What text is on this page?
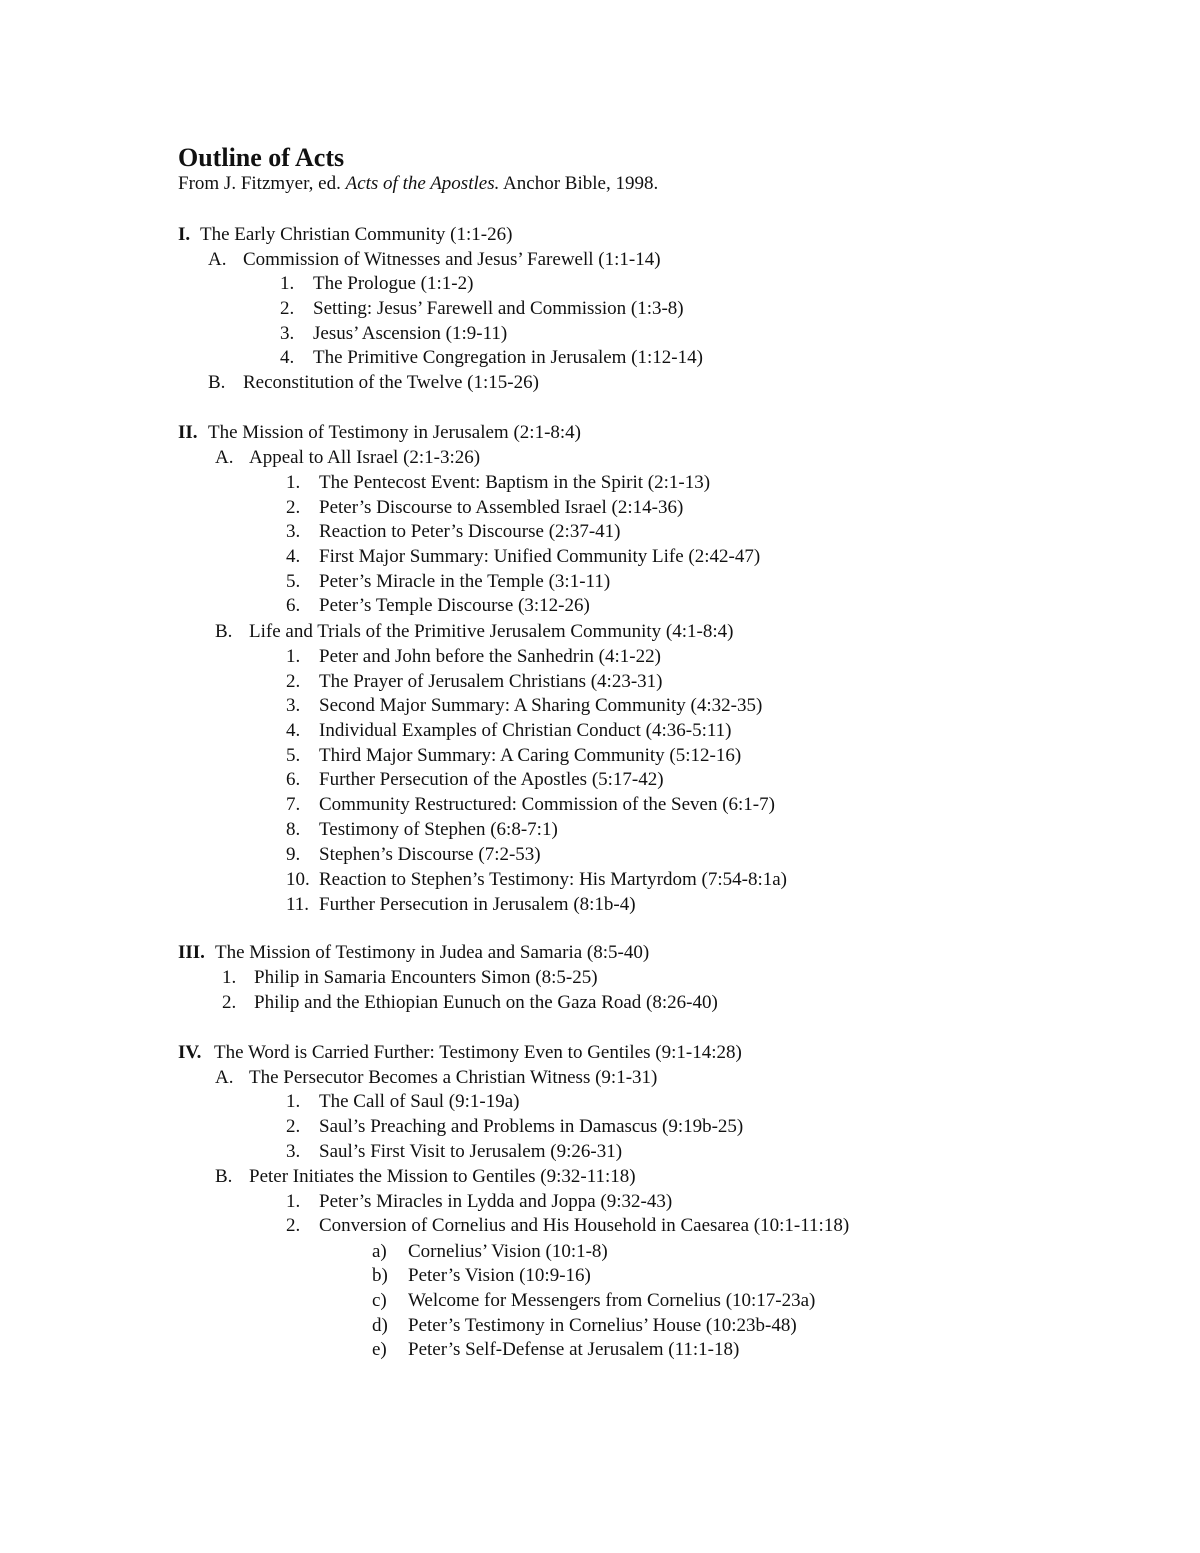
Outline of Acts
From J. Fitzmyer, ed. Acts of the Apostles. Anchor Bible, 1998.
I. The Early Christian Community (1:1-26)
A. Commission of Witnesses and Jesus’ Farewell (1:1-14)
1. The Prologue (1:1-2)
2. Setting: Jesus’ Farewell and Commission (1:3-8)
3. Jesus’ Ascension (1:9-11)
4. The Primitive Congregation in Jerusalem (1:12-14)
B. Reconstitution of the Twelve (1:15-26)
II. The Mission of Testimony in Jerusalem (2:1-8:4)
A. Appeal to All Israel (2:1-3:26)
1. The Pentecost Event: Baptism in the Spirit (2:1-13)
2. Peter’s Discourse to Assembled Israel (2:14-36)
3. Reaction to Peter’s Discourse (2:37-41)
4. First Major Summary: Unified Community Life (2:42-47)
5. Peter’s Miracle in the Temple (3:1-11)
6. Peter’s Temple Discourse (3:12-26)
B. Life and Trials of the Primitive Jerusalem Community (4:1-8:4)
1. Peter and John before the Sanhedrin (4:1-22)
2. The Prayer of Jerusalem Christians (4:23-31)
3. Second Major Summary: A Sharing Community (4:32-35)
4. Individual Examples of Christian Conduct (4:36-5:11)
5. Third Major Summary: A Caring Community (5:12-16)
6. Further Persecution of the Apostles (5:17-42)
7. Community Restructured: Commission of the Seven (6:1-7)
8. Testimony of Stephen (6:8-7:1)
9. Stephen’s Discourse (7:2-53)
10. Reaction to Stephen’s Testimony: His Martyrdom (7:54-8:1a)
11. Further Persecution in Jerusalem (8:1b-4)
III. The Mission of Testimony in Judea and Samaria (8:5-40)
1. Philip in Samaria Encounters Simon (8:5-25)
2. Philip and the Ethiopian Eunuch on the Gaza Road (8:26-40)
IV. The Word is Carried Further: Testimony Even to Gentiles (9:1-14:28)
A. The Persecutor Becomes a Christian Witness (9:1-31)
1. The Call of Saul (9:1-19a)
2. Saul’s Preaching and Problems in Damascus (9:19b-25)
3. Saul’s First Visit to Jerusalem (9:26-31)
B. Peter Initiates the Mission to Gentiles (9:32-11:18)
1. Peter’s Miracles in Lydda and Joppa (9:32-43)
2. Conversion of Cornelius and His Household in Caesarea (10:1-11:18)
a) Cornelius’ Vision (10:1-8)
b) Peter’s Vision (10:9-16)
c) Welcome for Messengers from Cornelius (10:17-23a)
d) Peter’s Testimony in Cornelius’ House (10:23b-48)
e) Peter’s Self-Defense at Jerusalem (11:1-18)
